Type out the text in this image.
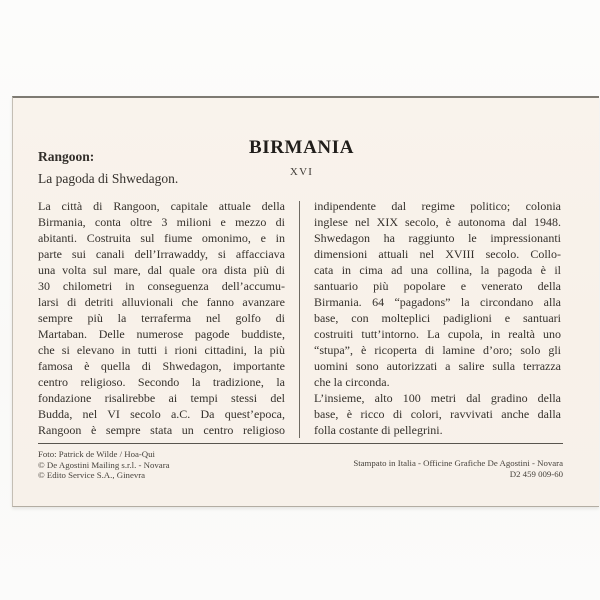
BIRMANIA
XVI
Rangoon:
La pagoda di Shwedagon.
La città di Rangoon, capitale attuale della
Birmania, conta oltre 3 milioni e mezzo di
abitanti. Costruita sul fiume omonimo, e in
parte sui canali dell’Irrawaddy, si affacciava
una volta sul mare, dal quale ora dista più di
30 chilometri in conseguenza dell’accumu-
larsi di detriti alluvionali che fanno avanzare
sempre più la terraferma nel golfo di
Martaban. Delle numerose pagode buddiste,
che si elevano in tutti i rioni cittadini, la più
famosa è quella di Shwedagon, importante
centro religioso. Secondo la tradizione, la
fondazione risalirebbe ai tempi stessi del
Budda, nel VI secolo a.C. Da quest’epoca,
Rangoon è sempre stata un centro religioso
indipendente dal regime politico; colonia
inglese nel XIX secolo, è autonoma dal 1948.
Shwedagon ha raggiunto le impressionanti
dimensioni attuali nel XVIII secolo. Collo-
cata in cima ad una collina, la pagoda è il
santuario più popolare e venerato della
Birmania. 64 “pagadons” la circondano alla
base, con molteplici padiglioni e santuari
costruiti tutt’intorno. La cupola, in realtà uno
“stupa”, è ricoperta di lamine d’oro; solo gli
uomini sono autorizzati a salire sulla terrazza
che la circonda.
L’insieme, alto 100 metri dal gradino della
base, è ricco di colori, ravvivati anche dalla
folla costante di pellegrini.
Foto: Patrick de Wilde / Hoa-Qui
© De Agostini Mailing s.r.l. - Novara
© Edito Service S.A., Ginevra
Stampato in Italia - Officine Grafiche De Agostini - Novara
D2 459 009-60
